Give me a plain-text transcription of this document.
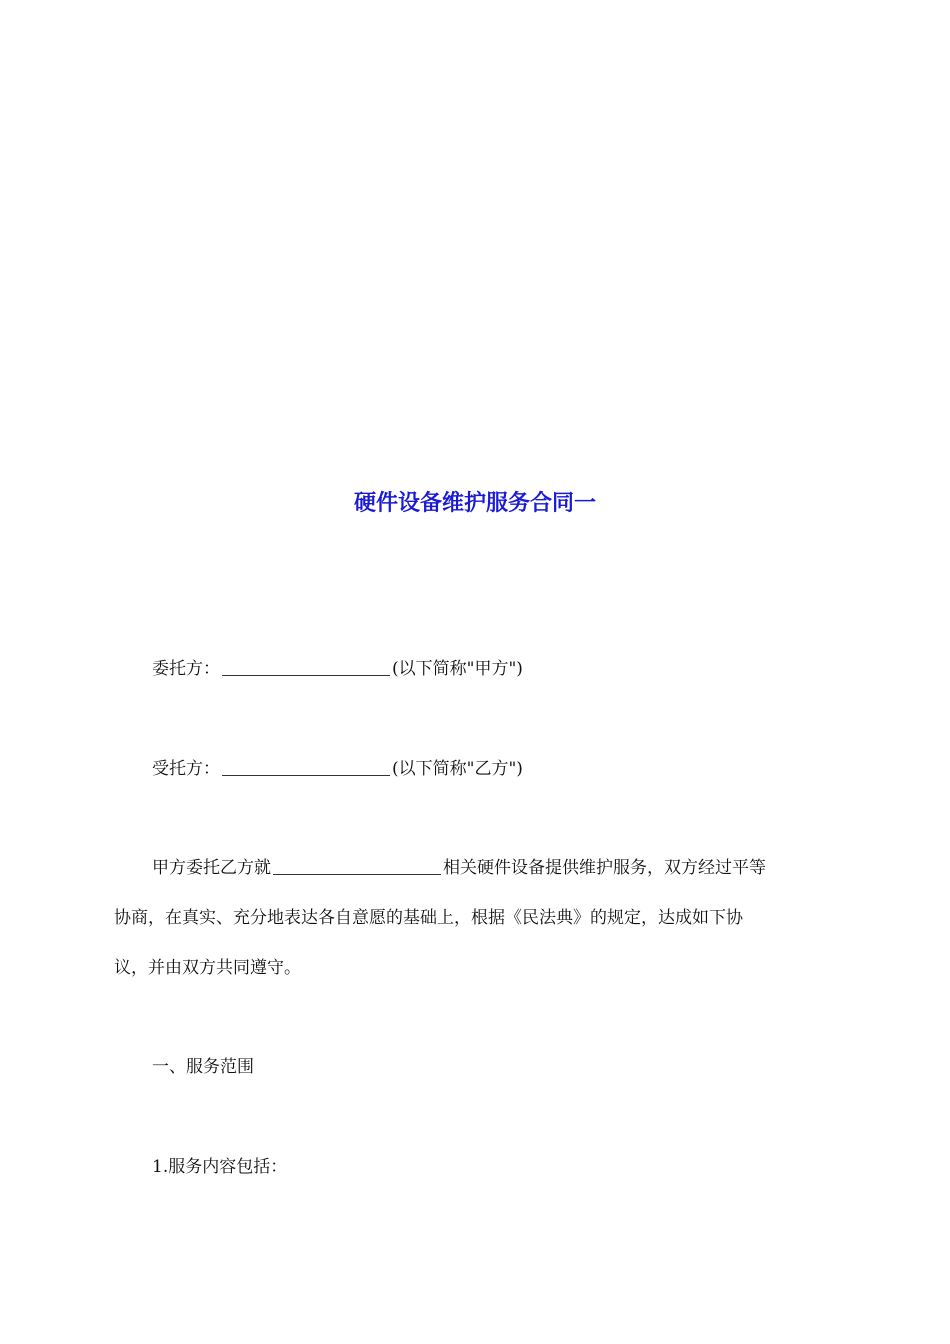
硬件设备维护服务合同一
委托方：	(以下简称"甲方")
受托方：	(以下简称"乙方")
甲方委托乙方就	相关硬件设备提供维护服务，双方经过平等
协商，在真实、充分地表达各自意愿的基础上，根据《民法典》的规定，达成如下协
议，并由双方共同遵守。
一、服务范围
1.服务内容包括：
